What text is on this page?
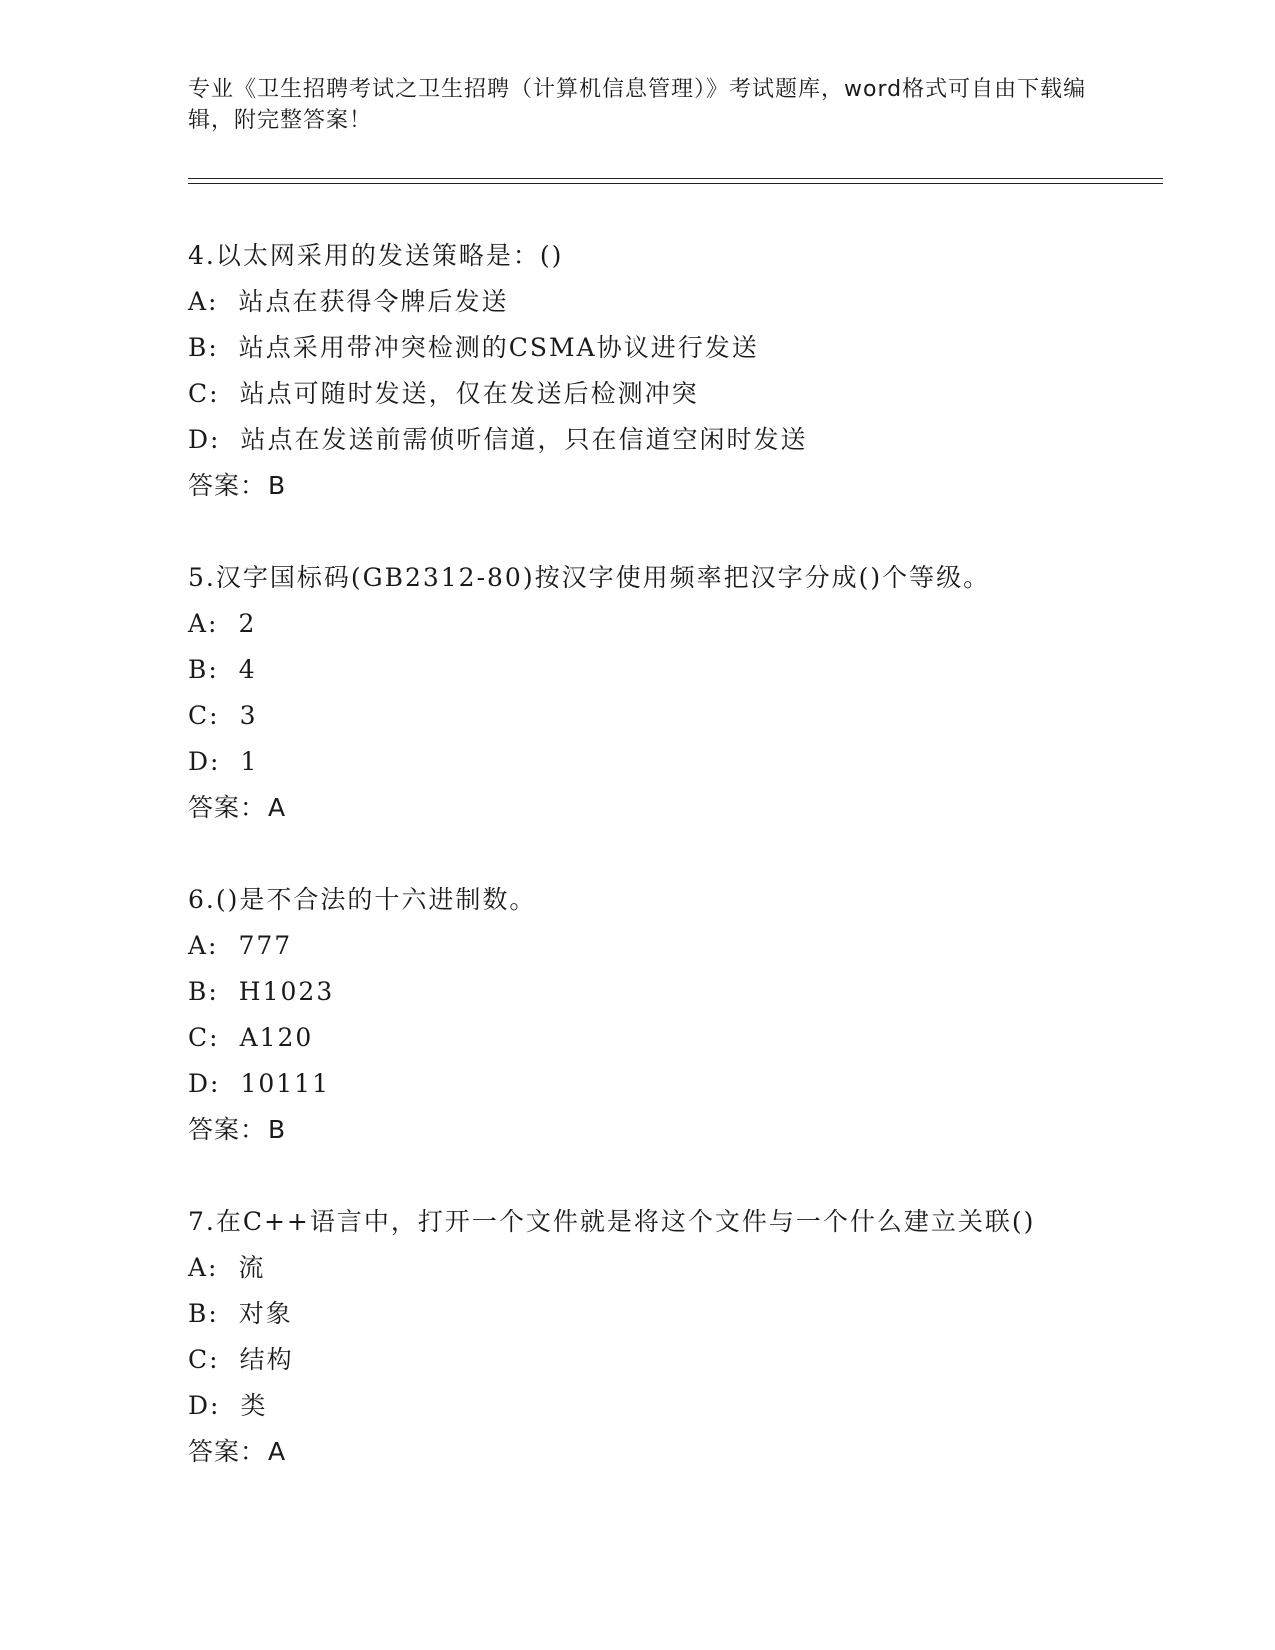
专业《卫生招聘考试之卫生招聘（计算机信息管理）》考试题库，word格式可自由下载编辑，附完整答案！

4.以太网采用的发送策略是：()
A: 站点在获得令牌后发送
B: 站点采用带冲突检测的CSMA协议进行发送
C: 站点可随时发送，仅在发送后检测冲突
D: 站点在发送前需侦听信道，只在信道空闲时发送
答案：B
5.汉字国标码(GB2312-80)按汉字使用频率把汉字分成()个等级。
A: 2
B: 4
C: 3
D: 1
答案：A
6.()是不合法的十六进制数。
A: 777
B: H1023
C: A120
D: 10111
答案：B
7.在C++语言中，打开一个文件就是将这个文件与一个什么建立关联()
A: 流
B: 对象
C: 结构
D: 类
答案：A
